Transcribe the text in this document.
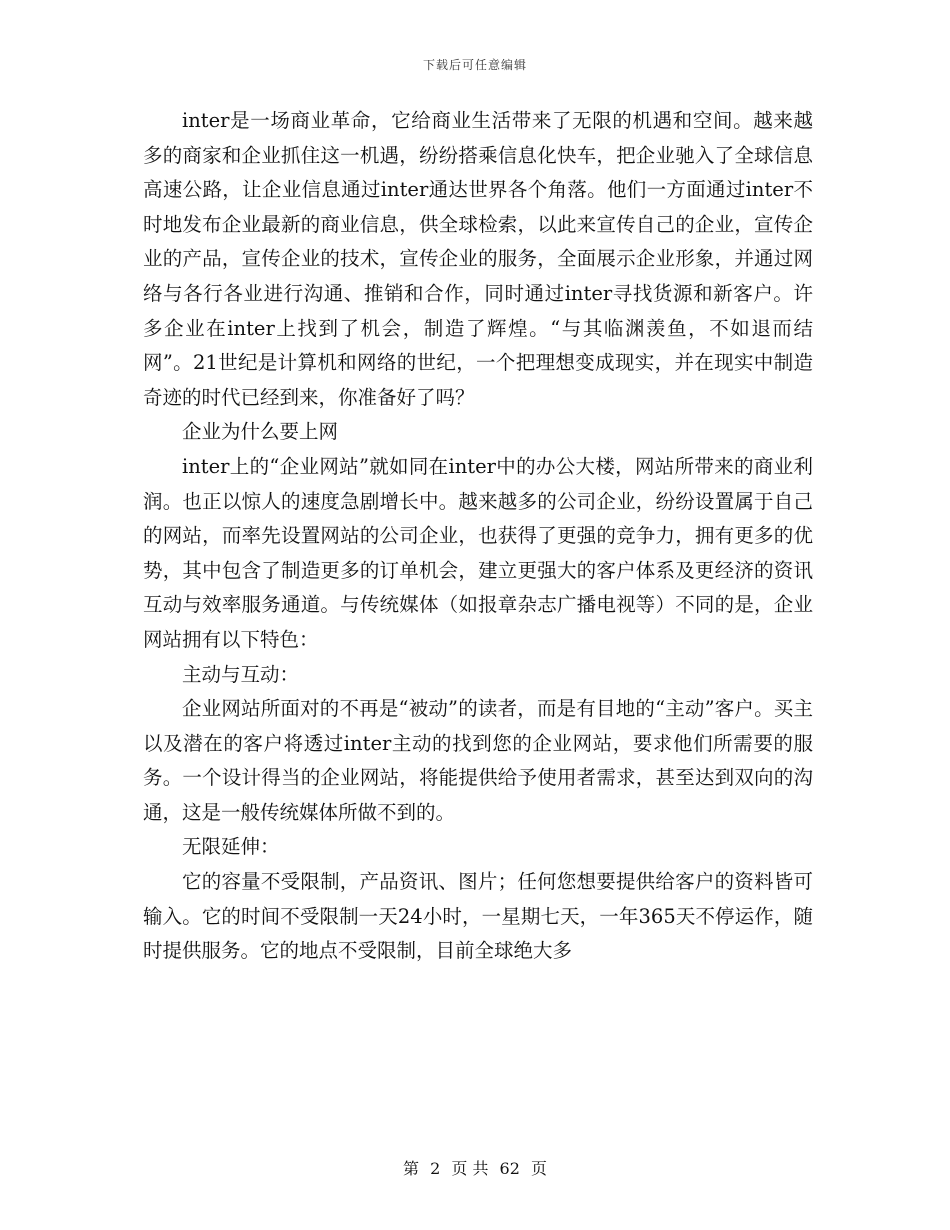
下载后可任意编辑

inter是一场商业革命，它给商业生活带来了无限的机遇和空间。越来越多的商家和企业抓住这一机遇，纷纷搭乘信息化快车，把企业驰入了全球信息高速公路，让企业信息通过inter通达世界各个角落。他们一方面通过inter不时地发布企业最新的商业信息，供全球检索，以此来宣传自己的企业，宣传企业的产品，宣传企业的技术，宣传企业的服务，全面展示企业形象，并通过网络与各行各业进行沟通、推销和合作，同时通过inter寻找货源和新客户。许多企业在inter上找到了机会，制造了辉煌。“与其临渊羡鱼，不如退而结网”。21世纪是计算机和网络的世纪，一个把理想变成现实，并在现实中制造奇迹的时代已经到来，你准备好了吗？

企业为什么要上网

inter上的“企业网站”就如同在inter中的办公大楼，网站所带来的商业利润。也正以惊人的速度急剧增长中。越来越多的公司企业，纷纷设置属于自己的网站，而率先设置网站的公司企业，也获得了更强的竞争力，拥有更多的优势，其中包含了制造更多的订单机会，建立更强大的客户体系及更经济的资讯互动与效率服务通道。与传统媒体（如报章杂志广播电视等）不同的是，企业网站拥有以下特色：

主动与互动：

企业网站所面对的不再是“被动”的读者，而是有目地的“主动”客户。买主以及潜在的客户将透过inter主动的找到您的企业网站，要求他们所需要的服务。一个设计得当的企业网站，将能提供给予使用者需求，甚至达到双向的沟通，这是一般传统媒体所做不到的。

无限延伸：

它的容量不受限制，产品资讯、图片；任何您想要提供给客户的资料皆可输入。它的时间不受限制一天24小时，一星期七天，一年365天不停运作，随时提供服务。它的地点不受限制，目前全球绝大多

第 2 页 共 62 页
